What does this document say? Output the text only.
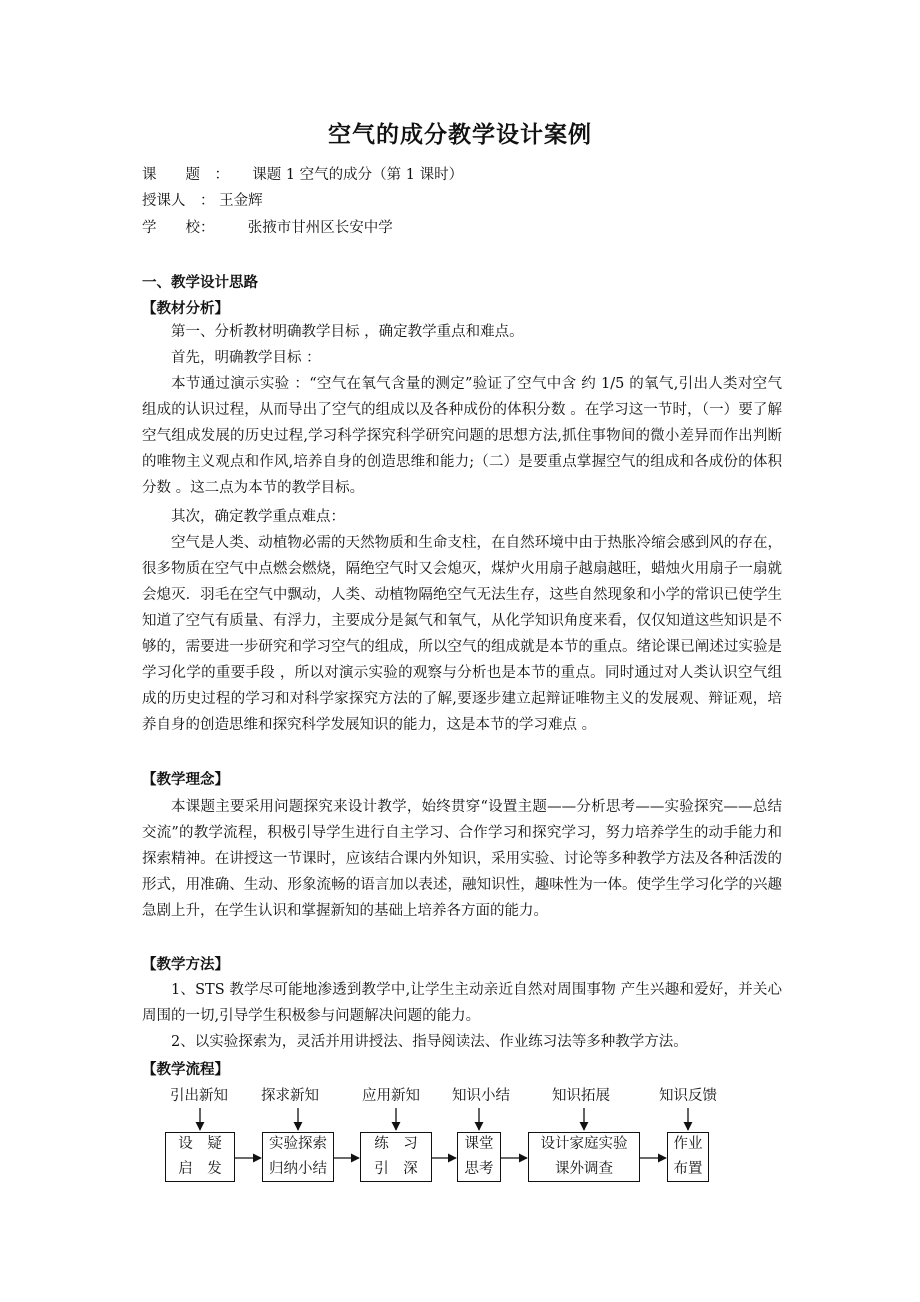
空气的成分教学设计案例
课　　题　： 课题 1 空气的成分（第 1 课时）
授课人　： 王金辉
学　　校： 张掖市甘州区长安中学
一、教学设计思路
【教材分析】
第一、分析教材明确教学目标 ，确定教学重点和难点。
首先，明确教学目标 ：
本节通过演示实验 ：“空气在氧气含量的测定”验证了空气中含 约 1/5 的氧气,引出人类对空气组成的认识过程，从而导出了空气的组成以及各种成份的体积分数 。在学习这一节时，（一）要了解空气组成发展的历史过程,学习科学探究科学研究问题的思想方法,抓住事物间的微小差异而作出判断的唯物主义观点和作风,培养自身的创造思维和能力;（二）是要重点掌握空气的组成和各成份的体积分数 。这二点为本节的教学目标。
其次，确定教学重点难点：
空气是人类、动植物必需的天然物质和生命支柱，在自然环境中由于热胀冷缩会感到风的存在，很多物质在空气中点燃会燃烧，隔绝空气时又会熄灭，煤炉火用扇子越扇越旺，蜡烛火用扇子一扇就会熄灭．羽毛在空气中飘动，人类、动植物隔绝空气无法生存，这些自然现象和小学的常识已使学生知道了空气有质量、有浮力，主要成分是氮气和氧气，从化学知识角度来看，仅仅知道这些知识是不够的，需要进一步研究和学习空气的组成，所以空气的组成就是本节的重点。绪论课已阐述过实验是学习化学的重要手段 ，所以对演示实验的观察与分析也是本节的重点。同时通过对人类认识空气组成的历史过程的学习和对科学家探究方法的了解,要逐步建立起辩证唯物主义的发展观、辩证观，培养自身的创造思维和探究科学发展知识的能力，这是本节的学习难点 。
【教学理念】
本课题主要采用问题探究来设计教学，始终贯穿“设置主题——分析思考——实验探究——总结交流”的教学流程，积极引导学生进行自主学习、合作学习和探究学习，努力培养学生的动手能力和探索精神。在讲授这一节课时，应该结合课内外知识，采用实验、讨论等多种教学方法及各种活泼的形式，用准确、生动、形象流畅的语言加以表述，融知识性，趣味性为一体。使学生学习化学的兴趣急剧上升，在学生认识和掌握新知的基础上培养各方面的能力。
【教学方法】
1、STS 教学尽可能地渗透到教学中,让学生主动亲近自然对周围事物 产生兴趣和爱好，并关心周围的一切,引导学生积极参与问题解决问题的能力。
2、以实验探索为，灵活并用讲授法、指导阅读法、作业练习法等多种教学方法。
【教学流程】
引出新知 探求新知	应用新知 知识小结	知识拓展	知识反馈
设　疑
启　发
实验探索
归纳小结
练　习
引　深
课堂
思考
设计家庭实验
课外调查
作业
布置
